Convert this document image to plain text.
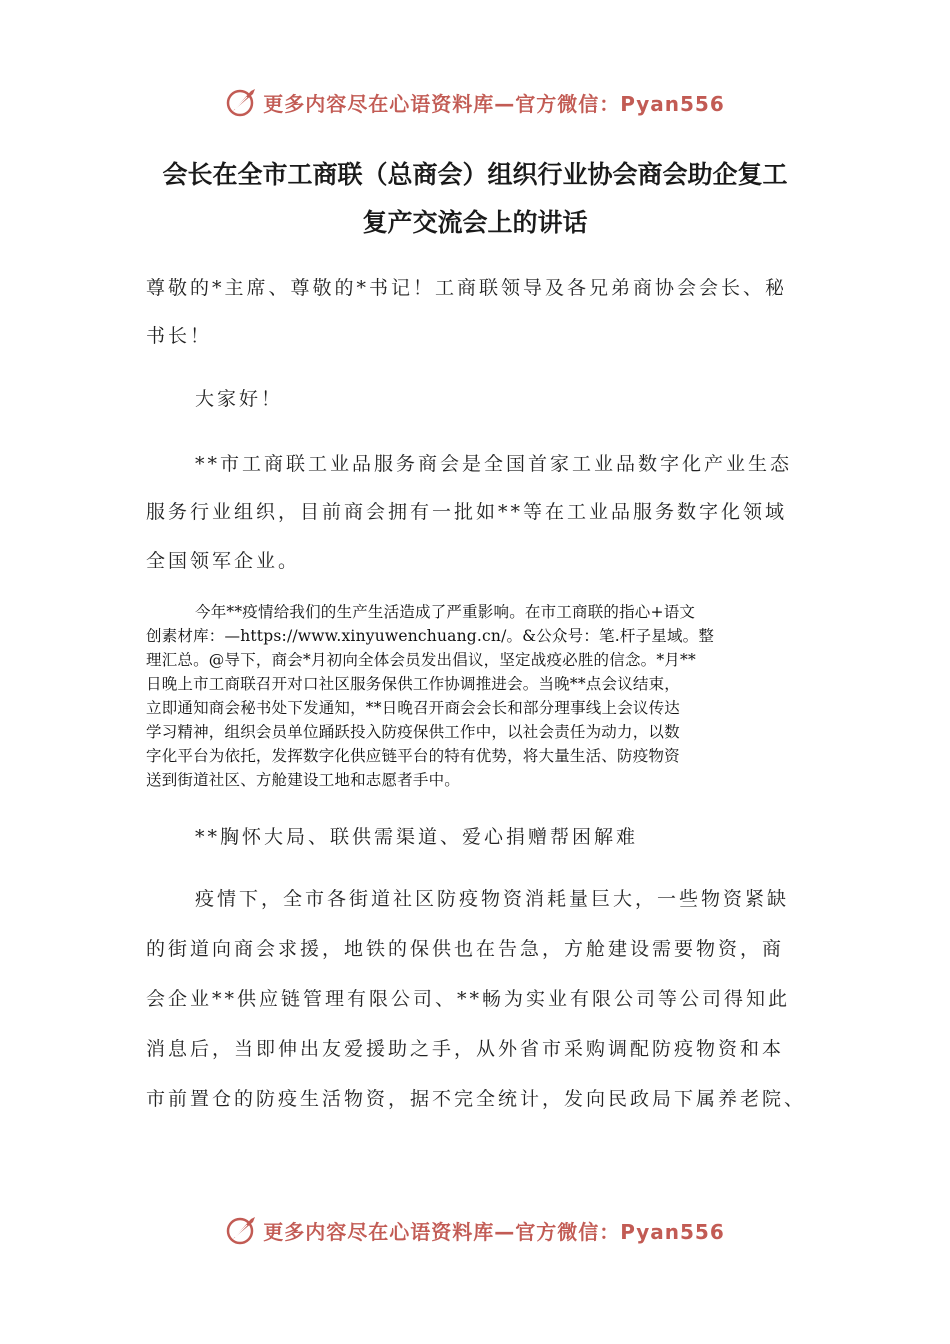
更多内容尽在心语资料库—官方微信：Pyan556
会长在全市工商联（总商会）组织行业协会商会助企复工
复产交流会上的讲话
尊敬的*主席、尊敬的*书记！工商联领导及各兄弟商协会会长、秘
书长！
大家好！
**市工商联工业品服务商会是全国首家工业品数字化产业生态
服务行业组织，目前商会拥有一批如**等在工业品服务数字化领域
全国领军企业。
今年**疫情给我们的生产生活造成了严重影响。在市工商联的指心+语文
创素材库：—https://www.xinyuwenchuang.cn/。&公众号：笔.杆子星域。整
理汇总。@导下，商会*月初向全体会员发出倡议，坚定战疫必胜的信念。*月**
日晚上市工商联召开对口社区服务保供工作协调推进会。当晚**点会议结束，
立即通知商会秘书处下发通知，**日晚召开商会会长和部分理事线上会议传达
学习精神，组织会员单位踊跃投入防疫保供工作中，以社会责任为动力，以数
字化平台为依托，发挥数字化供应链平台的特有优势，将大量生活、防疫物资
送到街道社区、方舱建设工地和志愿者手中。
**胸怀大局、联供需渠道、爱心捐赠帮困解难
疫情下，全市各街道社区防疫物资消耗量巨大，一些物资紧缺
的街道向商会求援，地铁的保供也在告急，方舱建设需要物资，商
会企业**供应链管理有限公司、**畅为实业有限公司等公司得知此
消息后，当即伸出友爱援助之手，从外省市采购调配防疫物资和本
市前置仓的防疫生活物资，据不完全统计，发向民政局下属养老院、
更多内容尽在心语资料库—官方微信：Pyan556
